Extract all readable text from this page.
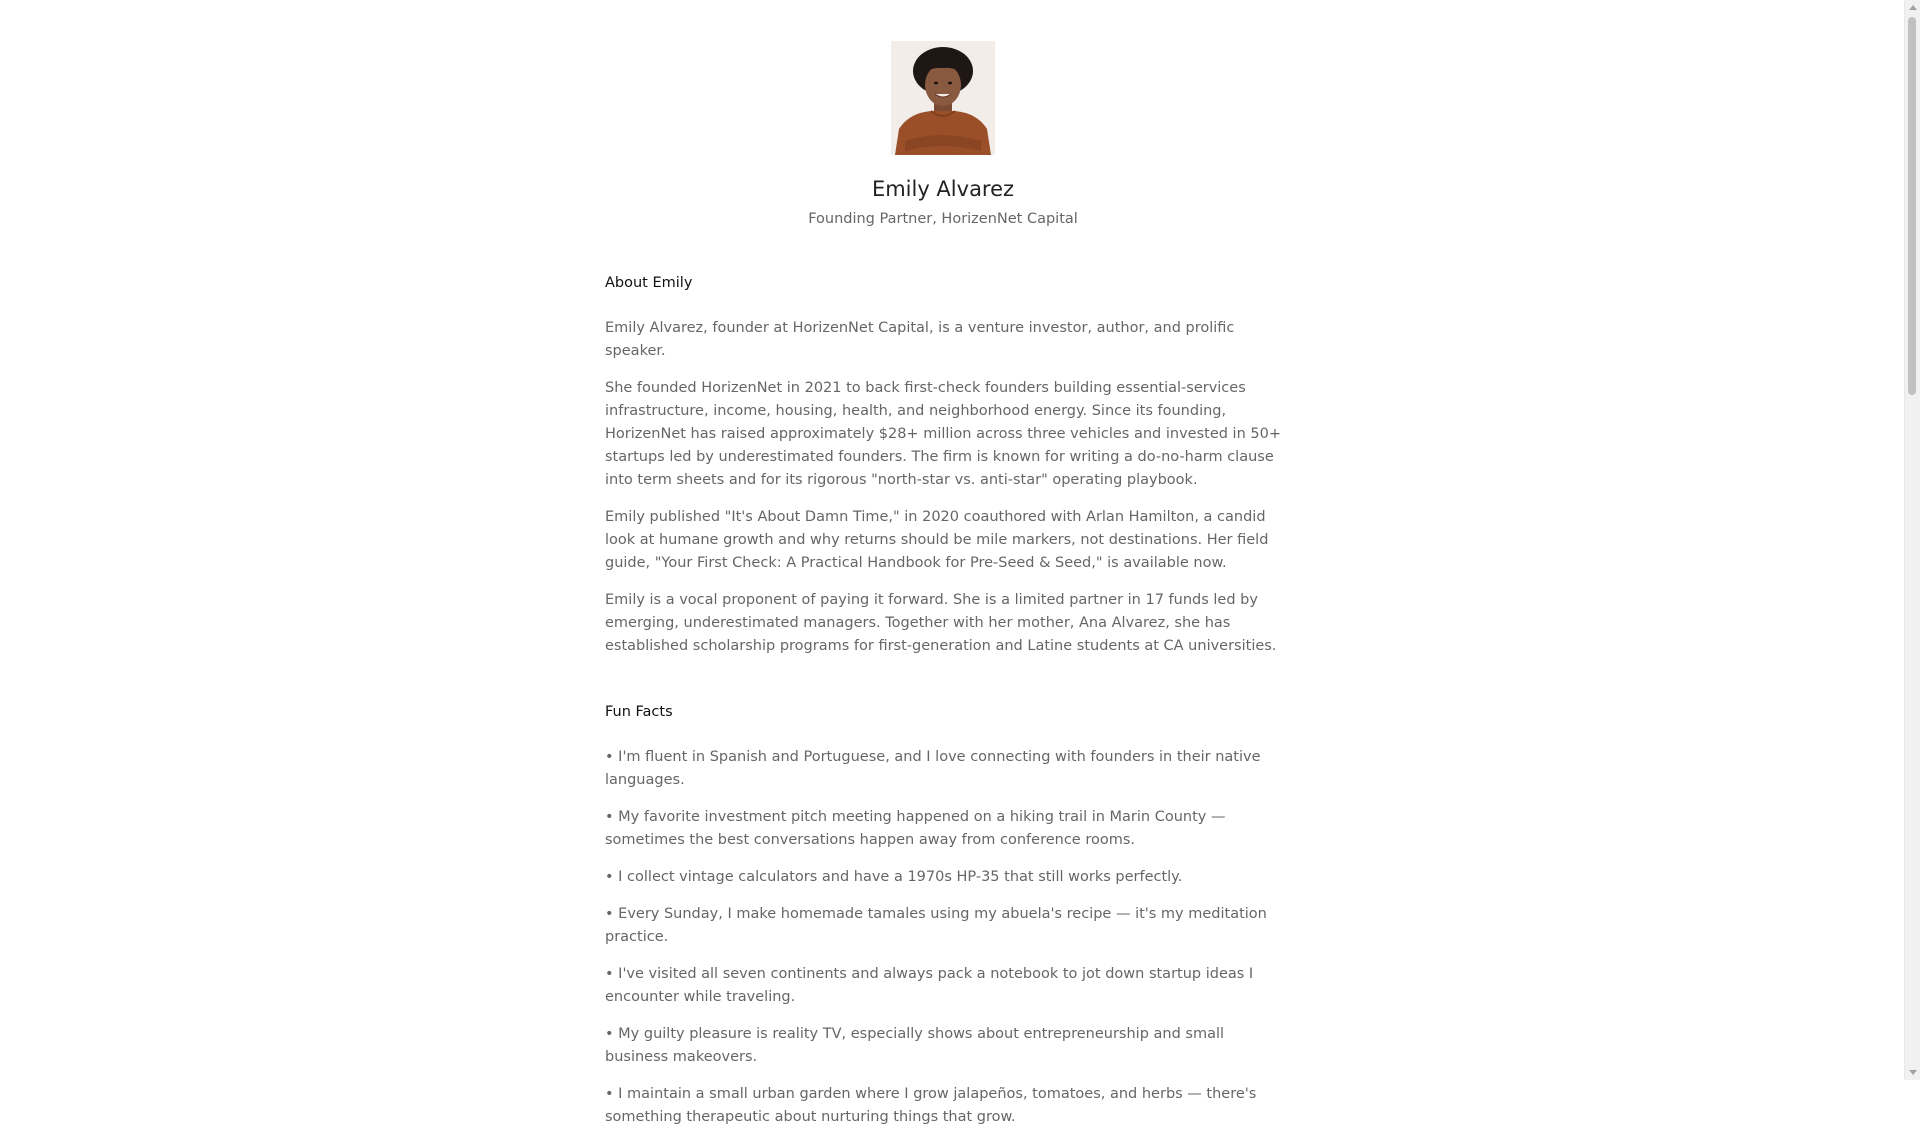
Emily Alvarez

Founding Partner, HorizenNet Capital

About Emily

Emily Alvarez, founder at HorizenNet Capital, is a venture investor, author, and prolific speaker.

She founded HorizenNet in 2021 to back first-check founders building essential-services infrastructure, income, housing, health, and neighborhood energy. Since its founding, HorizenNet has raised approximately $28+ million across three vehicles and invested in 50+ startups led by underestimated founders. The firm is known for writing a do-no-harm clause into term sheets and for its rigorous "north-star vs. anti-star" operating playbook.

Emily published "It's About Damn Time," in 2020 coauthored with Arlan Hamilton, a candid look at humane growth and why returns should be mile markers, not destinations. Her field guide, "Your First Check: A Practical Handbook for Pre-Seed & Seed," is available now.

Emily is a vocal proponent of paying it forward. She is a limited partner in 17 funds led by emerging, underestimated managers. Together with her mother, Ana Alvarez, she has established scholarship programs for first-generation and Latine students at CA universities.

Fun Facts

• I'm fluent in Spanish and Portuguese, and I love connecting with founders in their native languages.

• My favorite investment pitch meeting happened on a hiking trail in Marin County — sometimes the best conversations happen away from conference rooms.

• I collect vintage calculators and have a 1970s HP-35 that still works perfectly.

• Every Sunday, I make homemade tamales using my abuela's recipe — it's my meditation practice.

• I've visited all seven continents and always pack a notebook to jot down startup ideas I encounter while traveling.

• My guilty pleasure is reality TV, especially shows about entrepreneurship and small business makeovers.

• I maintain a small urban garden where I grow jalapeños, tomatoes, and herbs — there's something therapeutic about nurturing things that grow.
